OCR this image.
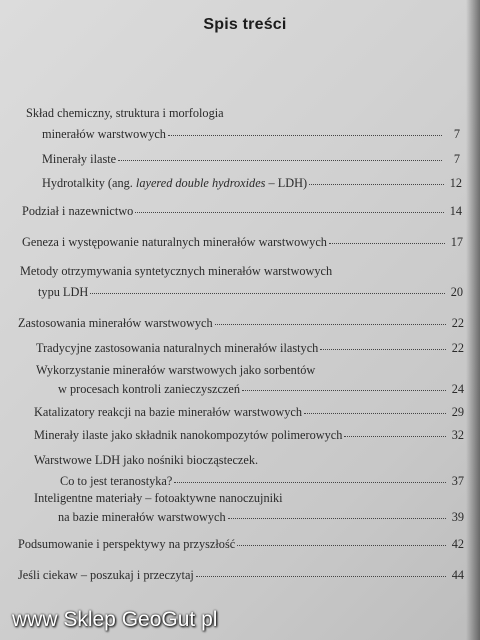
Spis treści
Skład chemiczny, struktura i morfologia
minerałów warstwowych	7
Minerały ilaste	7
Hydrotalkity (ang. layered double hydroxides – LDH)	12
Podział i nazewnictwo	14
Geneza i występowanie naturalnych minerałów warstwowych	17
Metody otrzymywania syntetycznych minerałów warstwowych
typu LDH	20
Zastosowania minerałów warstwowych	22
Tradycyjne zastosowania naturalnych minerałów ilastych	22
Wykorzystanie minerałów warstwowych jako sorbentów
w procesach kontroli zanieczyszczeń	24
Katalizatory reakcji na bazie minerałów warstwowych	29
Minerały ilaste jako składnik nanokompozytów polimerowych	32
Warstwowe LDH jako nośniki biocząsteczek.
Co to jest teranostyka?	37
Inteligentne materiały – fotoaktywne nanoczujniki
na bazie minerałów warstwowych	39
Podsumowanie i perspektywy na przyszłość	42
Jeśli ciekaw – poszukaj i przeczytaj	44
www Sklep GeoGut pl
